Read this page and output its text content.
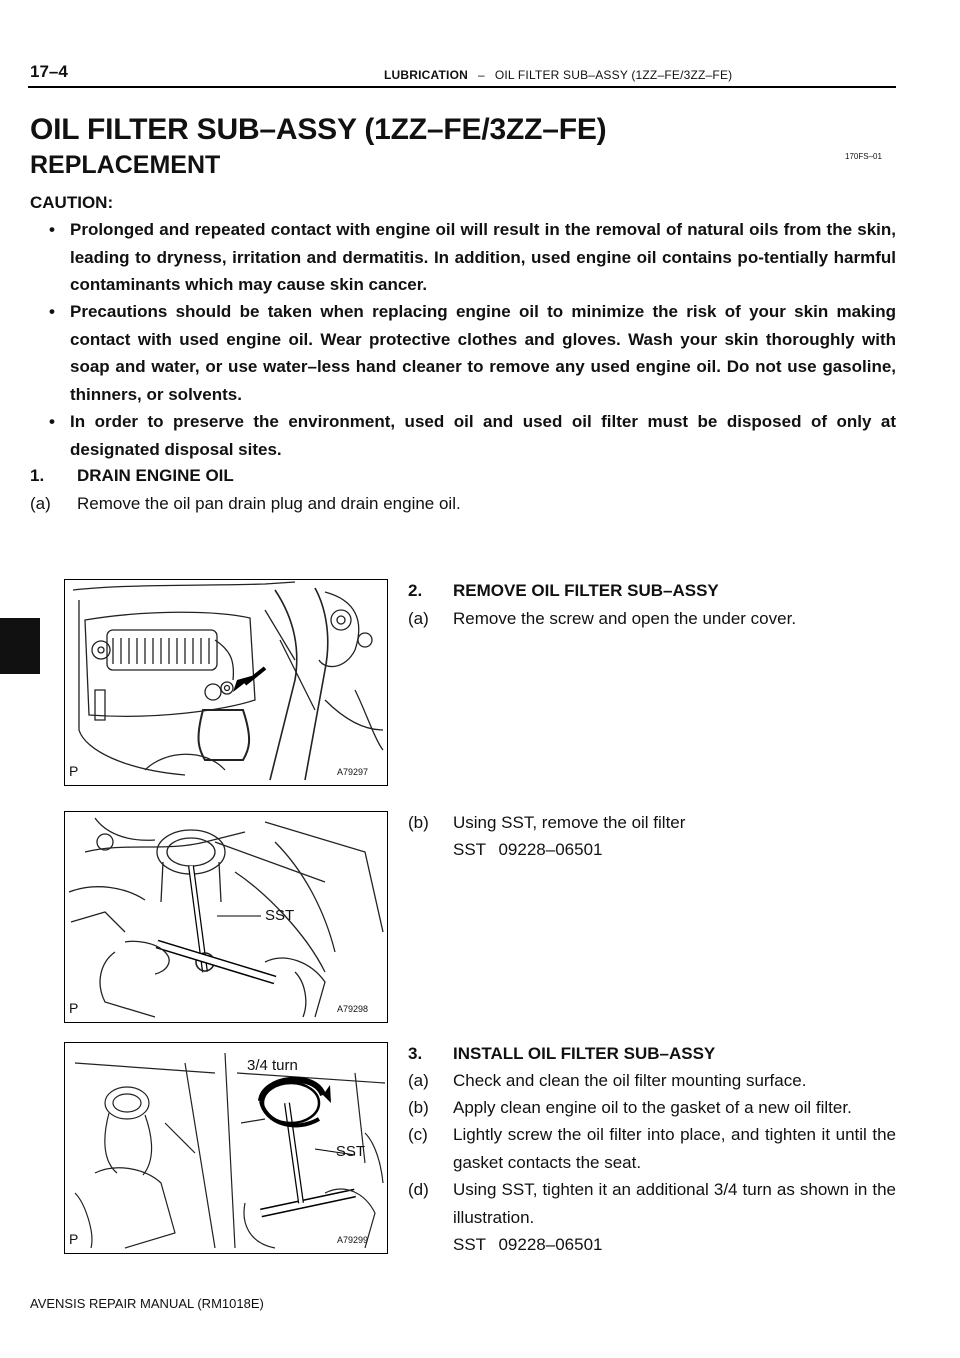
17–4	LUBRICATION – OIL FILTER SUB–ASSY (1ZZ–FE/3ZZ–FE)
OIL FILTER SUB–ASSY (1ZZ–FE/3ZZ–FE)
REPLACEMENT	170FS–01
CAUTION:
• Prolonged and repeated contact with engine oil will result in the removal of natural oils from the skin, leading to dryness, irritation and dermatitis. In addition, used engine oil contains po-tentially harmful contaminants which may cause skin cancer.
• Precautions should be taken when replacing engine oil to minimize the risk of your skin making contact with used engine oil. Wear protective clothes and gloves. Wash your skin thoroughly with soap and water, or use water–less hand cleaner to remove any used engine oil. Do not use gasoline, thinners, or solvents.
• In order to preserve the environment, used oil and used oil filter must be disposed of only at designated disposal sites.
1. DRAIN ENGINE OIL
(a) Remove the oil pan drain plug and drain engine oil.
P	A79297
2. REMOVE OIL FILTER SUB–ASSY
(a) Remove the screw and open the under cover.
SST
P	A79298
(b) Using SST, remove the oil filter
SST 09228–06501
3/4 turn
SST
P	A79299
3. INSTALL OIL FILTER SUB–ASSY
(a) Check and clean the oil filter mounting surface.
(b) Apply clean engine oil to the gasket of a new oil filter.
(c) Lightly screw the oil filter into place, and tighten it until the gasket contacts the seat.
(d) Using SST, tighten it an additional 3/4 turn as shown in the illustration.
SST 09228–06501
AVENSIS REPAIR MANUAL (RM1018E)
